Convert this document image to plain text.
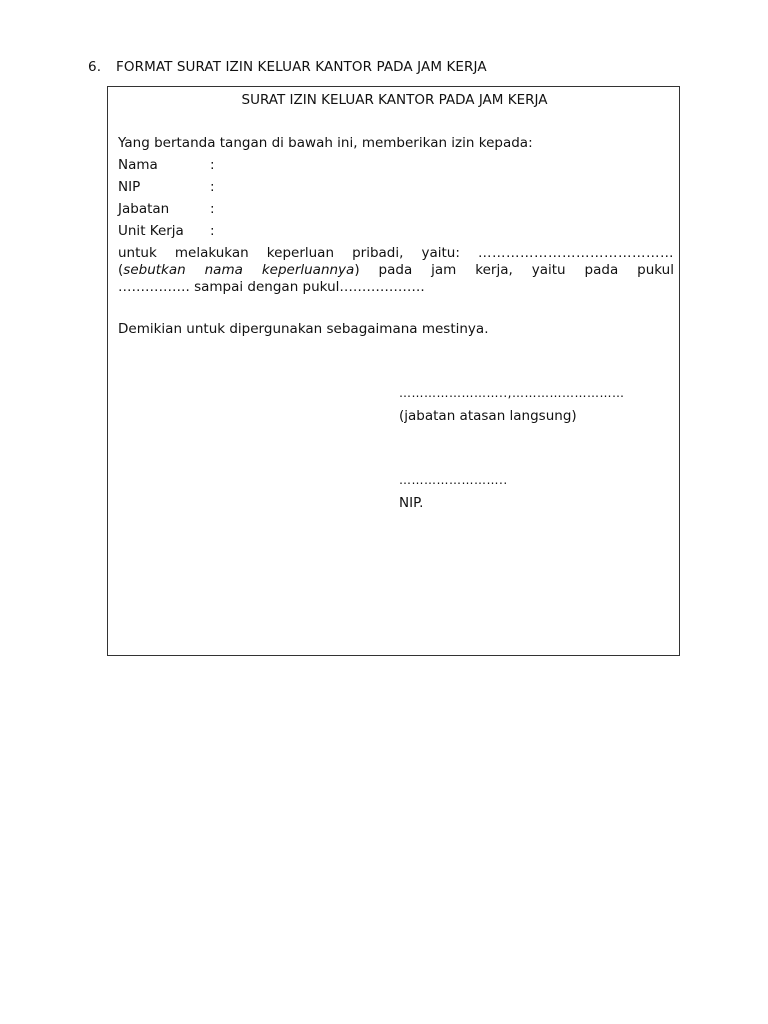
6. FORMAT SURAT IZIN KELUAR KANTOR PADA JAM KERJA
SURAT IZIN KELUAR KANTOR PADA JAM KERJA
Yang bertanda tangan di bawah ini, memberikan izin kepada:
Nama	:
NIP	:
Jabatan	:
Unit Kerja :
untuk melakukan keperluan pribadi, yaitu: ……………………………………
(sebutkan nama keperluannya) pada jam kerja, yaitu pada pukul
……………. sampai dengan pukul……………….
Demikian untuk dipergunakan sebagaimana mestinya.
……………………..,………………………
(jabatan atasan langsung)
……………………..
NIP.
